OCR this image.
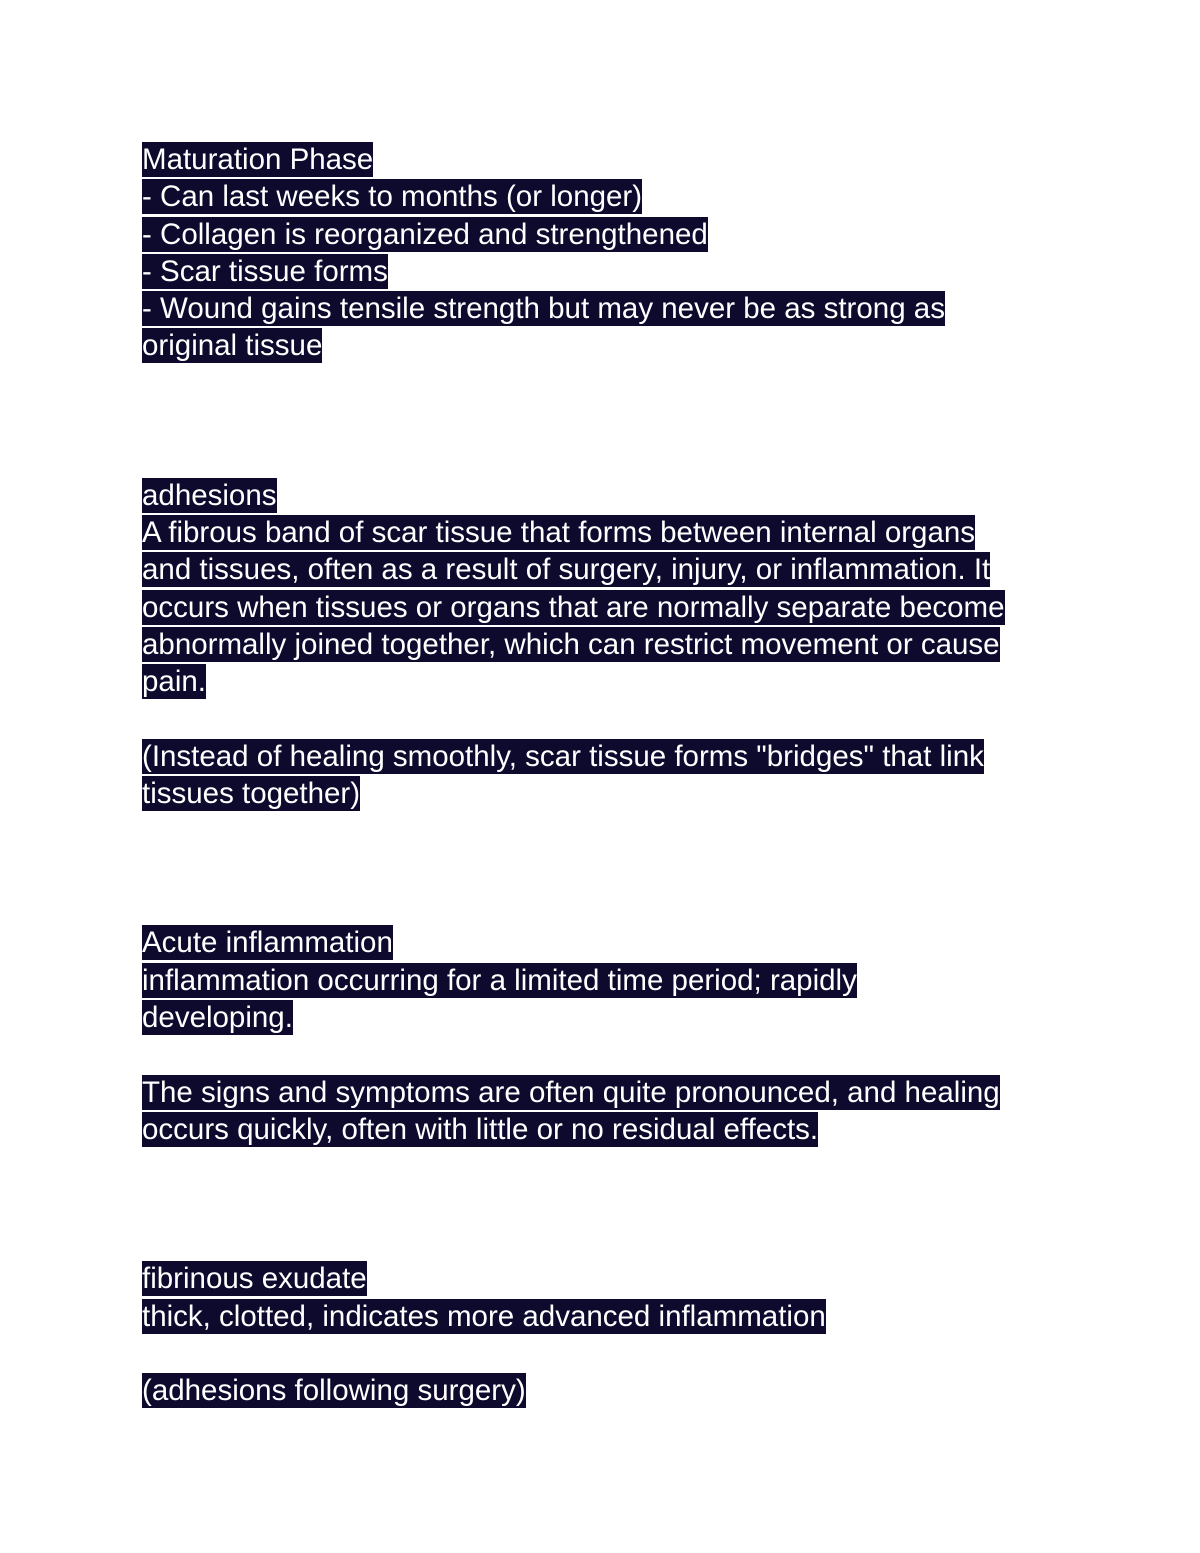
Maturation Phase
- Can last weeks to months (or longer)
- Collagen is reorganized and strengthened
- Scar tissue forms
- Wound gains tensile strength but may never be as strong as
original tissue
adhesions
A fibrous band of scar tissue that forms between internal organs
and tissues, often as a result of surgery, injury, or inflammation. It
occurs when tissues or organs that are normally separate become
abnormally joined together, which can restrict movement or cause
pain.
(Instead of healing smoothly, scar tissue forms "bridges" that link
tissues together)
Acute inflammation
inflammation occurring for a limited time period; rapidly
developing.
The signs and symptoms are often quite pronounced, and healing
occurs quickly, often with little or no residual effects.
fibrinous exudate
thick, clotted, indicates more advanced inflammation
(adhesions following surgery)
